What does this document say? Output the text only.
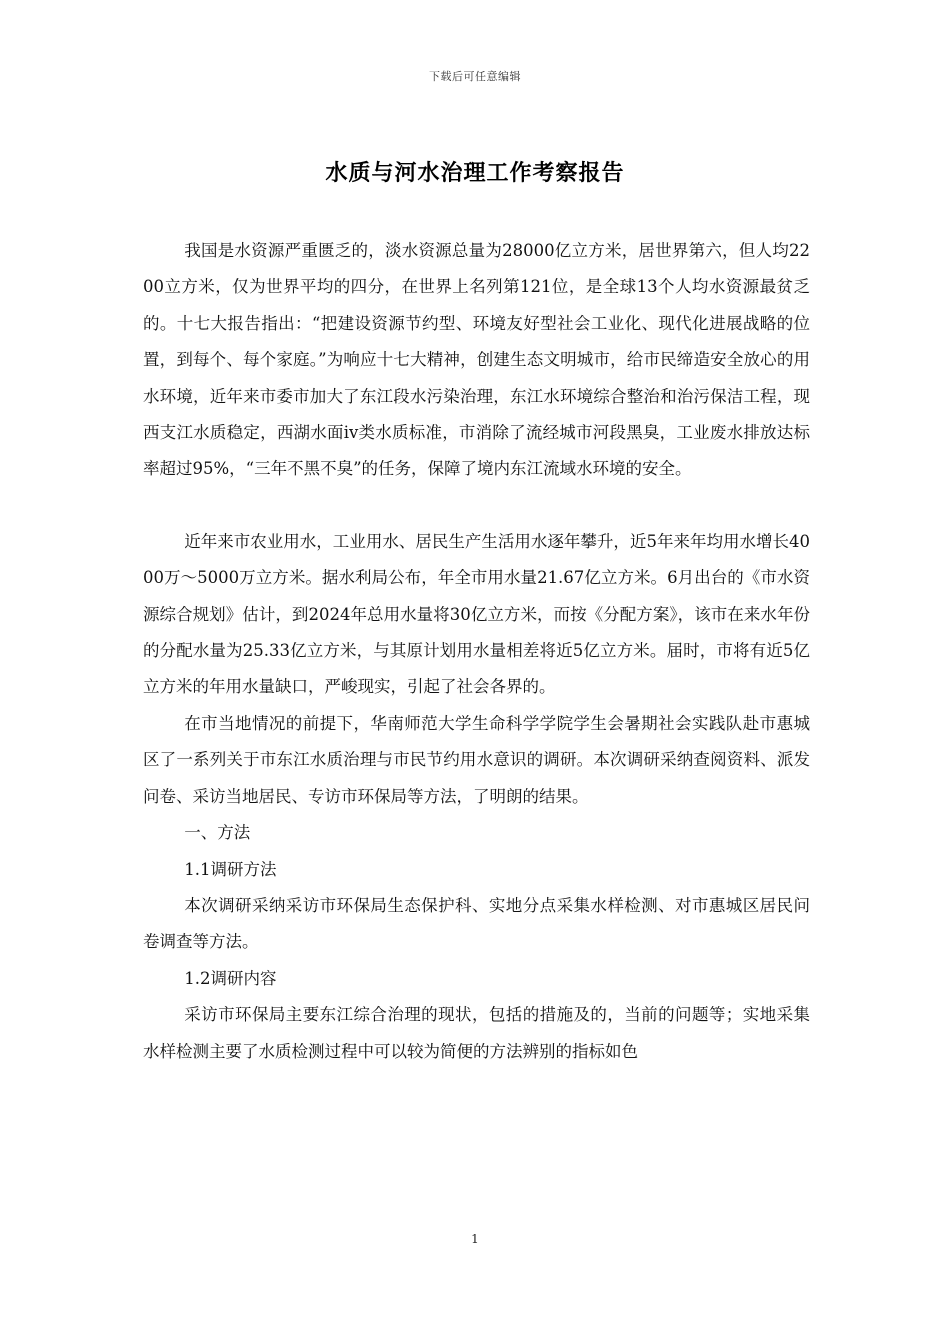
下载后可任意编辑
水质与河水治理工作考察报告

我国是水资源严重匮乏的，淡水资源总量为28000亿立方米，居世界第六，但人均2200立方米，仅为世界平均的四分，在世界上名列第121位，是全球13个人均水资源最贫乏的。十七大报告指出：“把建设资源节约型、环境友好型社会工业化、现代化进展战略的位置，到每个、每个家庭。”为响应十七大精神，创建生态文明城市，给市民缔造安全放心的用水环境，近年来市委市加大了东江段水污染治理，东江水环境综合整治和治污保洁工程，现西支江水质稳定，西湖水面iv类水质标准，市消除了流经城市河段黑臭，工业废水排放达标率超过95%，“三年不黑不臭”的任务，保障了境内东江流域水环境的安全。

近年来市农业用水，工业用水、居民生产生活用水逐年攀升，近5年来年均用水增长4000万～5000万立方米。据水利局公布，年全市用水量21.67亿立方米。6月出台的《市水资源综合规划》估计，到2024年总用水量将30亿立方米，而按《分配方案》，该市在来水年份的分配水量为25.33亿立方米，与其原计划用水量相差将近5亿立方米。届时，市将有近5亿立方米的年用水量缺口，严峻现实，引起了社会各界的。

在市当地情况的前提下，华南师范大学生命科学学院学生会暑期社会实践队赴市惠城区了一系列关于市东江水质治理与市民节约用水意识的调研。本次调研采纳查阅资料、派发问卷、采访当地居民、专访市环保局等方法，了明朗的结果。

一、方法

1.1调研方法

本次调研采纳采访市环保局生态保护科、实地分点采集水样检测、对市惠城区居民问卷调查等方法。

1.2调研内容

采访市环保局主要东江综合治理的现状，包括的措施及的，当前的问题等；实地采集水样检测主要了水质检测过程中可以较为简便的方法辨别的指标如色

1
